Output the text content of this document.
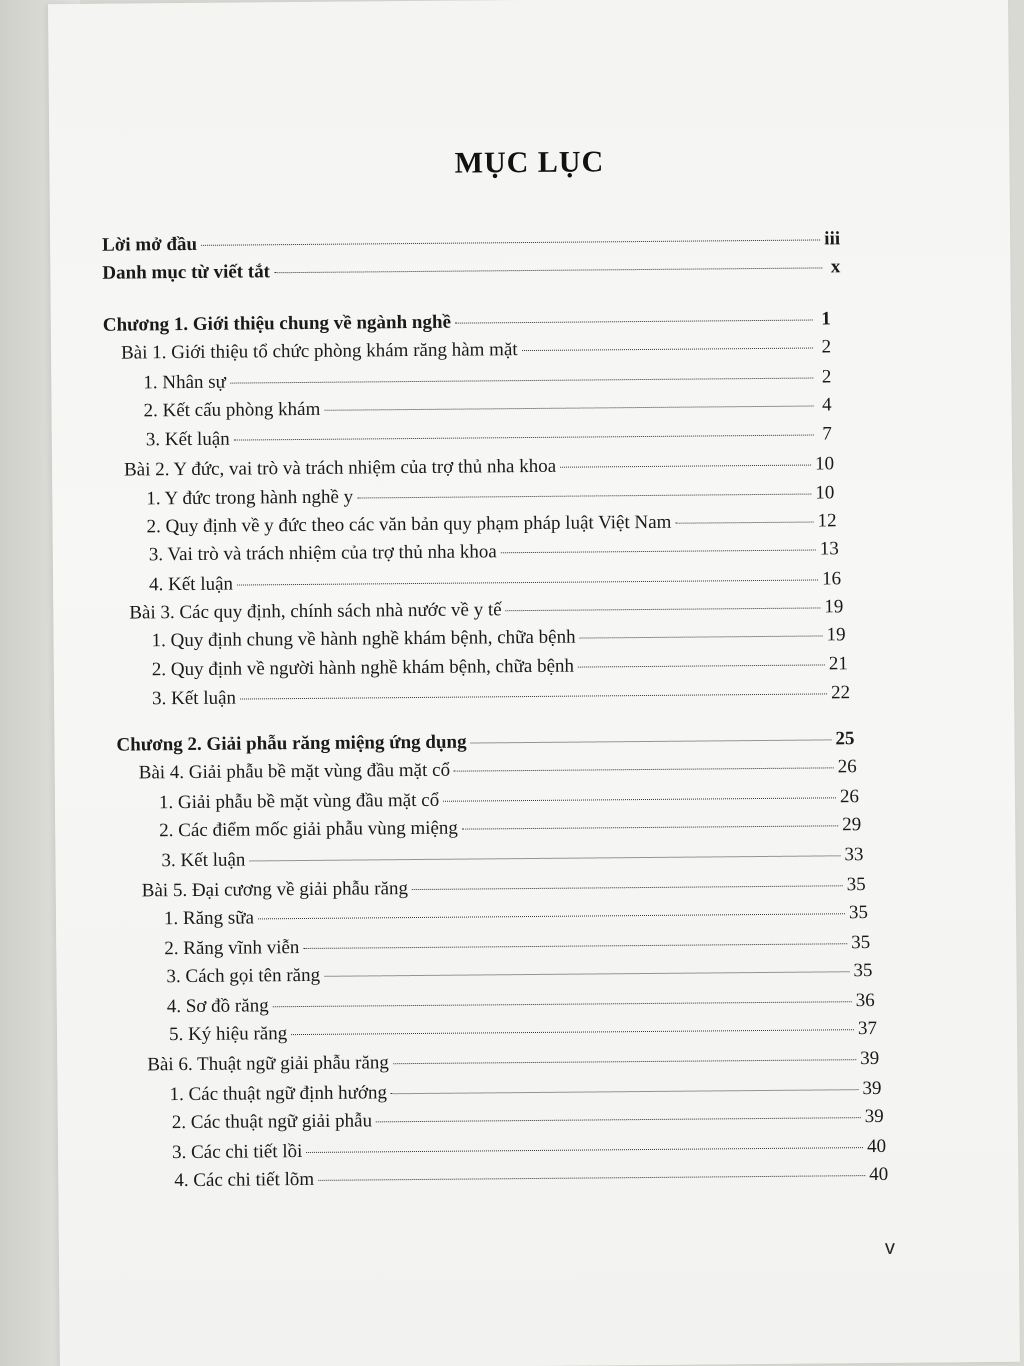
MỤC LỤC
Lời mở đầu	iii
Danh mục từ viết tắt	x
Chương 1. Giới thiệu chung về ngành nghề	1
Bài 1. Giới thiệu tổ chức phòng khám răng hàm mặt	2
1. Nhân sự	2
2. Kết cấu phòng khám	4
3. Kết luận	7
Bài 2. Y đức, vai trò và trách nhiệm của trợ thủ nha khoa	10
1. Y đức trong hành nghề y	10
2. Quy định về y đức theo các văn bản quy phạm pháp luật Việt Nam	12
3. Vai trò và trách nhiệm của trợ thủ nha khoa	13
4. Kết luận	16
Bài 3. Các quy định, chính sách nhà nước về y tế	19
1. Quy định chung về hành nghề khám bệnh, chữa bệnh	19
2. Quy định về người hành nghề khám bệnh, chữa bệnh	21
3. Kết luận	22
Chương 2. Giải phẫu răng miệng ứng dụng	25
Bài 4. Giải phẫu bề mặt vùng đầu mặt cổ	26
1. Giải phẫu bề mặt vùng đầu mặt cổ	26
2. Các điểm mốc giải phẫu vùng miệng	29
3. Kết luận	33
Bài 5. Đại cương về giải phẫu răng	35
1. Răng sữa	35
2. Răng vĩnh viễn	35
3. Cách gọi tên răng	35
4. Sơ đồ răng	36
5. Ký hiệu răng	37
Bài 6. Thuật ngữ giải phẫu răng	39
1. Các thuật ngữ định hướng	39
2. Các thuật ngữ giải phẫu	39
3. Các chi tiết lồi	40
4. Các chi tiết lõm	40
v
